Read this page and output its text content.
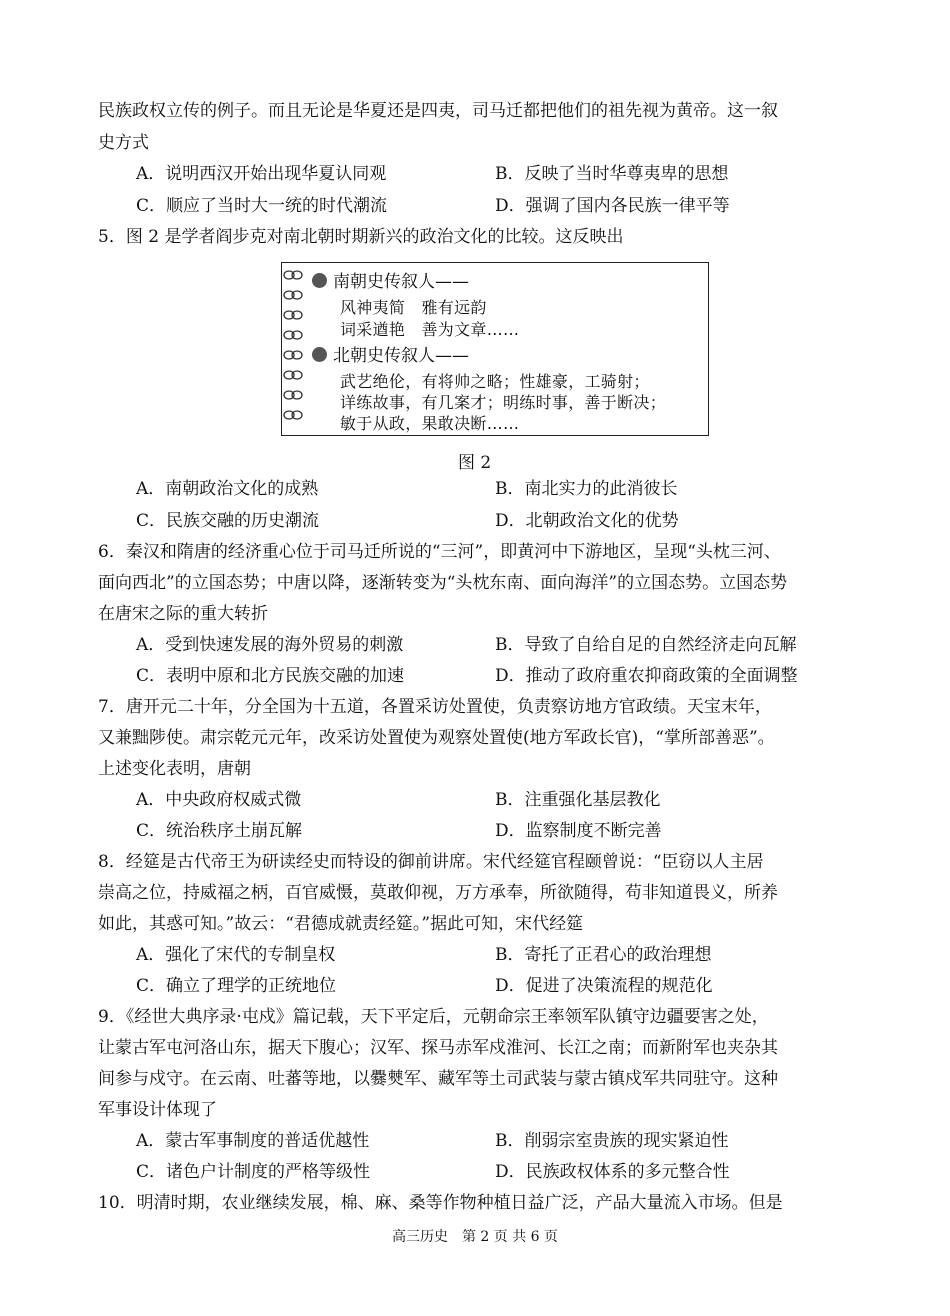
民族政权立传的例子。而且无论是华夏还是四夷，司马迁都把他们的祖先视为黄帝。这一叙
史方式
A．说明西汉开始出现华夏认同观	B．反映了当时华尊夷卑的思想
C．顺应了当时大一统的时代潮流	D．强调了国内各民族一律平等
5．图 2 是学者阎步克对南北朝时期新兴的政治文化的比较。这反映出
南朝史传叙人——
风神夷简　雅有远韵
词采遒艳　善为文章……
北朝史传叙人——
武艺绝伦，有将帅之略；性雄豪，工骑射；
详练故事，有几案才；明练时事，善于断决；
敏于从政，果敢决断……
图 2
A．南朝政治文化的成熟	B．南北实力的此消彼长
C．民族交融的历史潮流	D．北朝政治文化的优势
6．秦汉和隋唐的经济重心位于司马迁所说的“三河”，即黄河中下游地区，呈现“头枕三河、
面向西北”的立国态势；中唐以降，逐渐转变为“头枕东南、面向海洋”的立国态势。立国态势
在唐宋之际的重大转折
A．受到快速发展的海外贸易的刺激	B．导致了自给自足的自然经济走向瓦解
C．表明中原和北方民族交融的加速	D．推动了政府重农抑商政策的全面调整
7．唐开元二十年，分全国为十五道，各置采访处置使，负责察访地方官政绩。天宝末年，
又兼黜陟使。肃宗乾元元年，改采访处置使为观察处置使(地方军政长官)，“掌所部善恶”。
上述变化表明，唐朝
A．中央政府权威式微	B．注重强化基层教化
C．统治秩序土崩瓦解	D．监察制度不断完善
8．经筵是古代帝王为研读经史而特设的御前讲席。宋代经筵官程颐曾说：“臣窃以人主居
崇高之位，持威福之柄，百官威慑，莫敢仰视，万方承奉，所欲随得，苟非知道畏义，所养
如此，其惑可知。”故云：“君德成就责经筵。”据此可知，宋代经筵
A．强化了宋代的专制皇权	B．寄托了正君心的政治理想
C．确立了理学的正统地位	D．促进了决策流程的规范化
9．《经世大典序录·屯戍》篇记载，天下平定后，元朝命宗王率领军队镇守边疆要害之处，
让蒙古军屯河洛山东，据天下腹心；汉军、探马赤军戍淮河、长江之南；而新附军也夹杂其
间参与戍守。在云南、吐蕃等地，以爨僰军、藏军等土司武装与蒙古镇戍军共同驻守。这种
军事设计体现了
A．蒙古军事制度的普适优越性	B．削弱宗室贵族的现实紧迫性
C．诸色户计制度的严格等级性	D．民族政权体系的多元整合性
10．明清时期，农业继续发展，棉、麻、桑等作物种植日益广泛，产品大量流入市场。但是
高三历史　第 2 页 共 6 页
